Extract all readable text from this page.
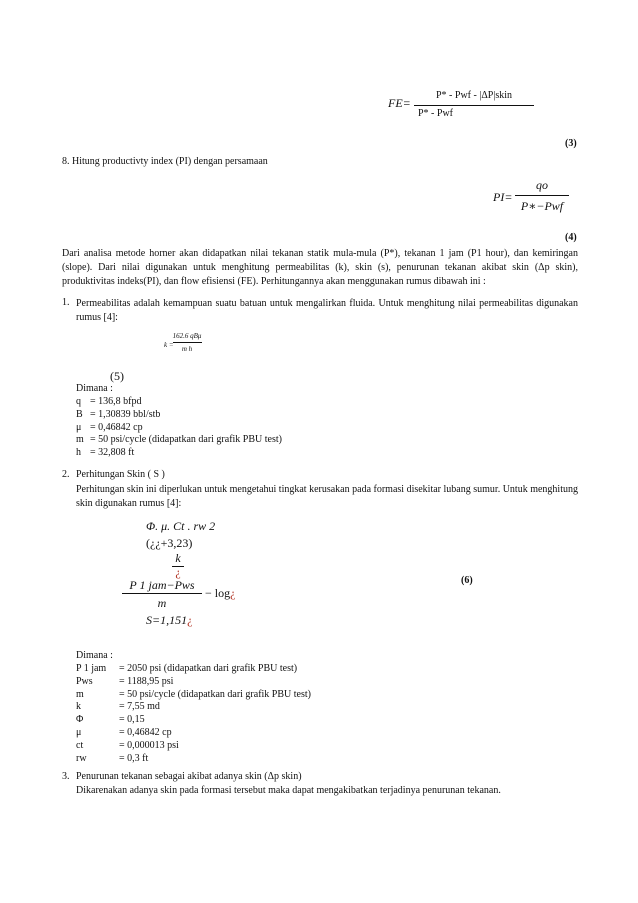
FE=
P* - Pwf - |ΔP|skin
P* - Pwf
(3)
8. Hitung productivty index (PI) dengan persamaan
PI=
qo
P∗−Pwf
(4)
Dari analisa metode horner akan didapatkan nilai tekanan statik mula-mula (P*), tekanan 1 jam (P1 hour), dan kemiringan (slope). Dari nilai digunakan untuk menghitung permeabilitas (k), skin (s), penurunan tekanan akibat skin (Δp skin), produktivitas indeks(PI), dan flow efisiensi (FE). Perhitungannya akan menggunakan rumus dibawah ini :
1. Permeabilitas adalah kemampuan suatu batuan untuk mengalirkan fluida. Untuk menghitung nilai permeabilitas digunakan rumus [4]:
k =
162.6 qBμ
m h
(5)
Dimana :
q = 136,8 bfpd
B = 1,30839 bbl/stb
μ = 0,46842 cp
m = 50 psi/cycle (didapatkan dari grafik PBU test)
h = 32,808 ft
2. Perhitungan Skin ( S )
Perhitungan skin ini diperlukan untuk mengetahui tingkat kerusakan pada formasi disekitar lubang sumur. Untuk menghitung skin digunakan rumus [4]:
Φ. μ. Ct . rw 2
(¿¿+3,23)
k
¿
P 1 jam−Pws
m
− log¿
S=1,151¿
(6)
Dimana :
P 1 jam = 2050 psi (didapatkan dari grafik PBU test)
Pws	= 1188,95 psi
m	= 50 psi/cycle (didapatkan dari grafik PBU test)
k	= 7,55 md
Φ	= 0,15
μ	= 0,46842 cp
ct	= 0,000013 psi
rw	= 0,3 ft
3. Penurunan tekanan sebagai akibat adanya skin (Δp skin)
Dikarenakan adanya skin pada formasi tersebut maka dapat mengakibatkan terjadinya penurunan tekanan.
